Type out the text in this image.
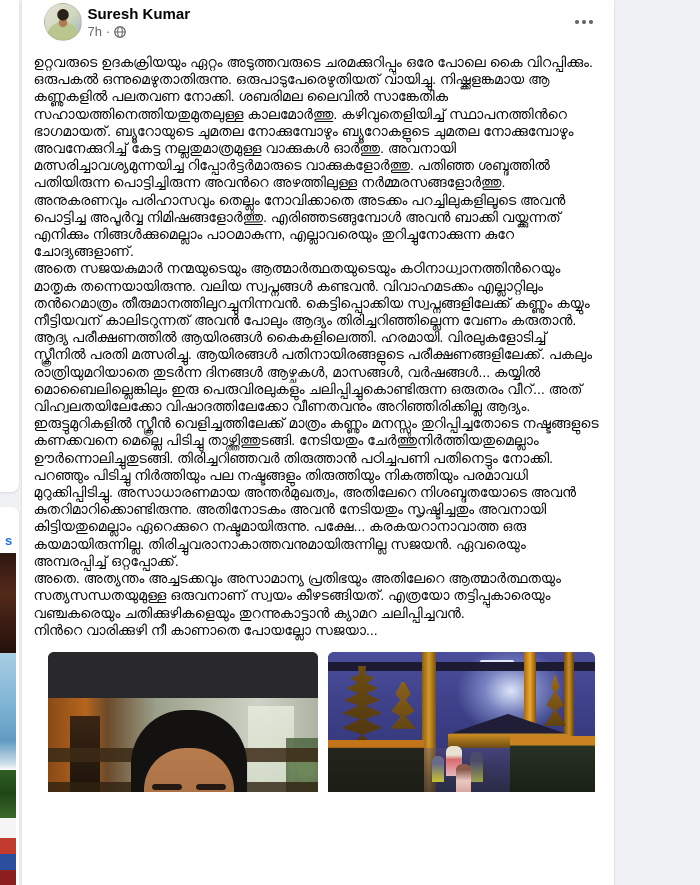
s
Suresh Kumar
7h ·
ഉറ്റവരുടെ ഉദകക്രിയയും ഏറ്റം അടുത്തവരുടെ ചരമക്കുറിപ്പും ഒരേ പോലെ കൈ വിറപ്പിക്കും. ഒരുപകൽ ഒന്നുമെഴുതാതിരുന്നു. ഒരുപാടുപേരെഴുതിയത് വായിച്ചു. നിഷ്ക്കളങ്കമായ ആ കണ്ണുകളിൽ പലതവണ നോക്കി. ശബരിമല ലൈവിൽ സാങ്കേതിക സഹായത്തിനെത്തിയതുമുതലുള്ള കാലമോർത്തു. കഴിവുതെളിയിച്ച് സ്ഥാപനത്തിൻറെ ഭാഗമായത്. ബ്യൂറോയുടെ ചുമതല നോക്കുമ്പോഴും ബ്യൂറോകളുടെ ചുമതല നോക്കുമ്പോഴും അവനേക്കുറിച്ച് കേട്ട നല്ലതുമാത്രമുള്ള വാക്കുകൾ ഓർത്തു. അവനായി മത്സരിച്ചാവശ്യമുന്നയിച്ച റിപ്പോർട്ടർമാരുടെ വാക്കുകളോർത്തു. പതിഞ്ഞ ശബ്ദത്തിൽ പതിയിരുന്ന പൊട്ടിച്ചിരുന്ന അവൻറെ അഴത്തിലുള്ള നർമ്മരസങ്ങളോർത്തു. അനുകരണവും പരിഹാസവും തെല്ലും നോവിക്കാതെ അടക്കം പറച്ചിലുകളിലൂടെ അവൻ പൊട്ടിച്ച അപൂർവ്വ നിമിഷങ്ങളോർത്തു. എരിഞ്ഞടങ്ങുമ്പോൾ അവൻ ബാക്കി വയ്ക്കുന്നത് എനിക്കും നിങ്ങൾക്കുമെല്ലാം പാഠമാകുന്ന, എല്ലാവരെയും തുറിച്ചുനോക്കുന്ന കുറേ ചോദ്യങ്ങളാണ്.
അതെ സജയകുമാർ നന്മയുടെയും ആത്മാർത്ഥതയുടെയും കഠിനാധ്വാനത്തിൻറെയും മാതൃക തന്നെയായിരുന്നു. വലിയ സ്വപ്നങ്ങൾ കണ്ടവൻ. വിവാഹമടക്കം എല്ലാറ്റിലും തൻറെമാത്രം തീരുമാനത്തിലുറച്ചുനിന്നവൻ. കെട്ടിപ്പൊക്കിയ സ്വപ്നങ്ങളിലേക്ക് കണ്ണും കയ്യും നീട്ടിയവന് കാലിടറുന്നത് അവൻ പോലും ആദ്യം തിരിച്ചറിഞ്ഞില്ലെന്ന വേണം കരുതാൻ. ആദ്യ പരീക്ഷണത്തിൽ ആയിരങ്ങൾ കൈകളിലെത്തി. ഹരമായി. വിരലുകളോടിച്ച് സ്ക്രീനിൽ പരതി മത്സരിച്ചു. ആയിരങ്ങൾ പതിനായിരങ്ങളുടെ പരീക്ഷണങ്ങളിലേക്ക്. പകലും രാത്രിയുമറിയാതെ തുടർന്ന ദിനങ്ങൾ ആഴ്ചകൾ, മാസങ്ങൾ, വർഷങ്ങൾ... കയ്യിൽ മൊബൈലില്ലെങ്കിലും ഇരു പെരുവിരലുകളും ചലിപ്പിച്ചുകൊണ്ടിരുന്ന ഒരുതരം വീറ്... അത് വിഹ്വലതയിലേക്കോ വിഷാദത്തിലേക്കോ വീണതവനും അറിഞ്ഞിരിക്കില്ല ആദ്യം. ഇരുട്ടുമുറികളിൽ സ്ക്രീൻ വെളിച്ചത്തിലേക്ക് മാത്രം കണ്ണും മനസ്സും തുറിപ്പിച്ചതോടെ നഷ്ടങ്ങളുടെ കണക്കവനെ മെല്ലെ പിടിച്ചു താഴ്ത്തിത്തുടങ്ങി. നേടിയതും ചേർത്തുനിർത്തിയതുമെല്ലാം ഊർന്നൊലിച്ചുതുടങ്ങി. തിരിച്ചറിഞ്ഞവർ തിരുത്താൻ പഠിച്ചപണി പതിനെട്ടും നോക്കി. പറഞ്ഞും പിടിച്ചു നിർത്തിയും പല നഷ്ടങ്ങളും തിരുത്തിയും നികത്തിയും പരമാവധി മുറുക്കിപ്പിടിച്ചു. അസാധാരണമായ അന്തർമുഖത്വം, അതിലേറെ നിശബ്ദതയോടെ അവൻ കുതറിമാറിക്കൊണ്ടിരുന്നു. അതിനോടകം അവൻ നേടിയതും സൃഷ്ടിച്ചതും അവനായി കിട്ടിയതുമെല്ലാം ഏറെക്കുറെ നഷ്ടമായിരുന്നു. പക്ഷേ... കരകയറാനാവാത്ത ഒരു കയമായിരുന്നില്ല. തിരിച്ചുവരാനാകാത്തവനുമായിരുന്നില്ല സജയൻ. ഏവരെയും അമ്പരപ്പിച്ച് ഒറ്റപ്പോക്ക്.
അതെ. അത്യന്തം അച്ചടക്കവും അസാമാന്യ പ്രതിഭയും അതിലേറെ ആത്മാർത്ഥതയും സത്യസന്ധതയുമുള്ള ഒരുവനാണ് സ്വയം കീഴടങ്ങിയത്. എത്രയോ തട്ടിപ്പുകാരെയും വഞ്ചകരെയും ചതിക്കുഴികളെയും തുറന്നുകാട്ടാൻ ക്യാമറ ചലിപ്പിച്ചവൻ.
നിൻറെ വാരിക്കുഴി നീ കാണാതെ പോയല്ലോ സജയാ...
